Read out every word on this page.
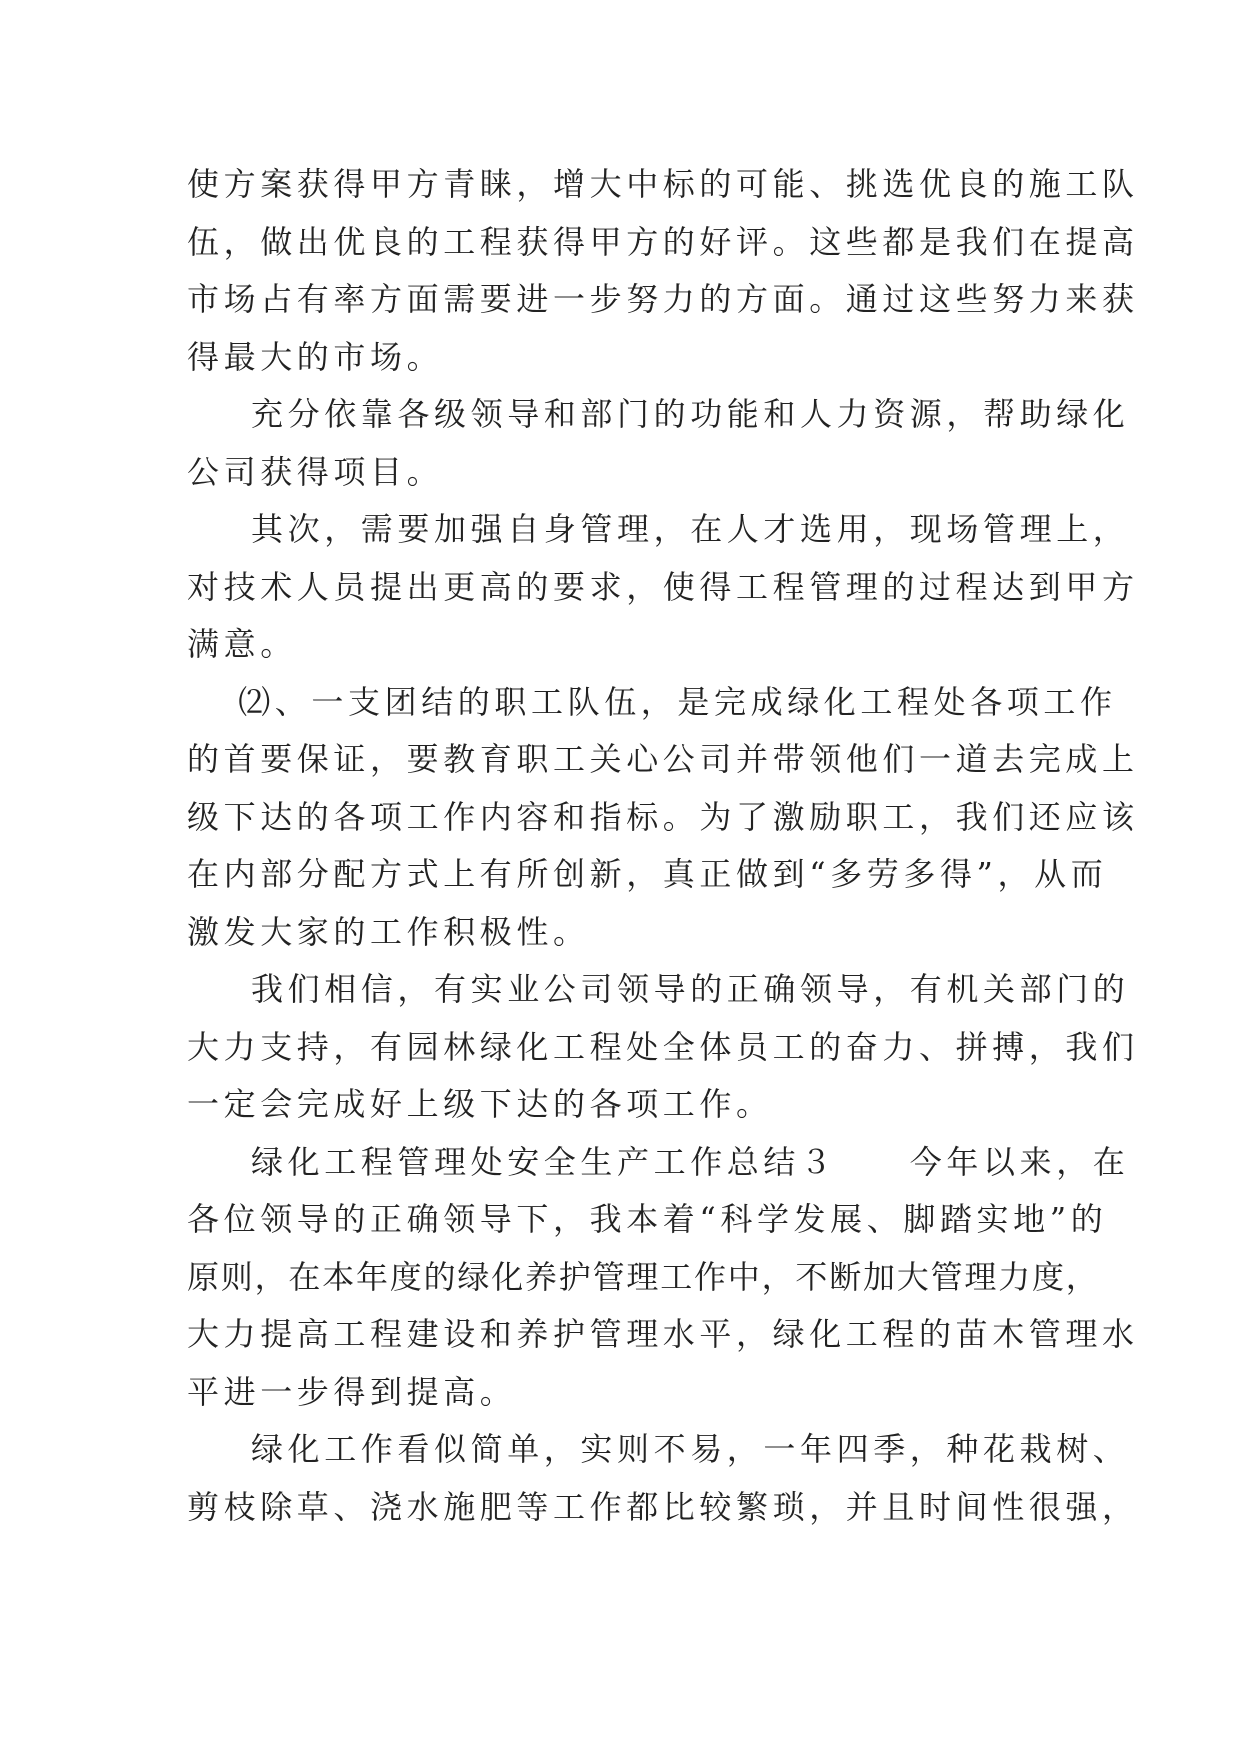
使方案获得甲方青睐，增大中标的可能、挑选优良的施工队
伍，做出优良的工程获得甲方的好评。这些都是我们在提高
市场占有率方面需要进一步努力的方面。通过这些努力来获
得最大的市场。

充分依靠各级领导和部门的功能和人力资源，帮助绿化
公司获得项目。

其次，需要加强自身管理，在人才选用，现场管理上，
对技术人员提出更高的要求，使得工程管理的过程达到甲方
满意。

⑵、一支团结的职工队伍，是完成绿化工程处各项工作
的首要保证，要教育职工关心公司并带领他们一道去完成上
级下达的各项工作内容和指标。为了激励职工，我们还应该
在内部分配方式上有所创新，真正做到“多劳多得”，从而
激发大家的工作积极性。

我们相信，有实业公司领导的正确领导，有机关部门的
大力支持，有园林绿化工程处全体员工的奋力、拼搏，我们
一定会完成好上级下达的各项工作。

绿化工程管理处安全生产工作总结３　　今年以来，在
各位领导的正确领导下，我本着“科学发展、脚踏实地”的
原则，在本年度的绿化养护管理工作中，不断加大管理力度，
大力提高工程建设和养护管理水平，绿化工程的苗木管理水
平进一步得到提高。

绿化工作看似简单，实则不易，一年四季，种花栽树、
剪枝除草、浇水施肥等工作都比较繁琐，并且时间性很强，
